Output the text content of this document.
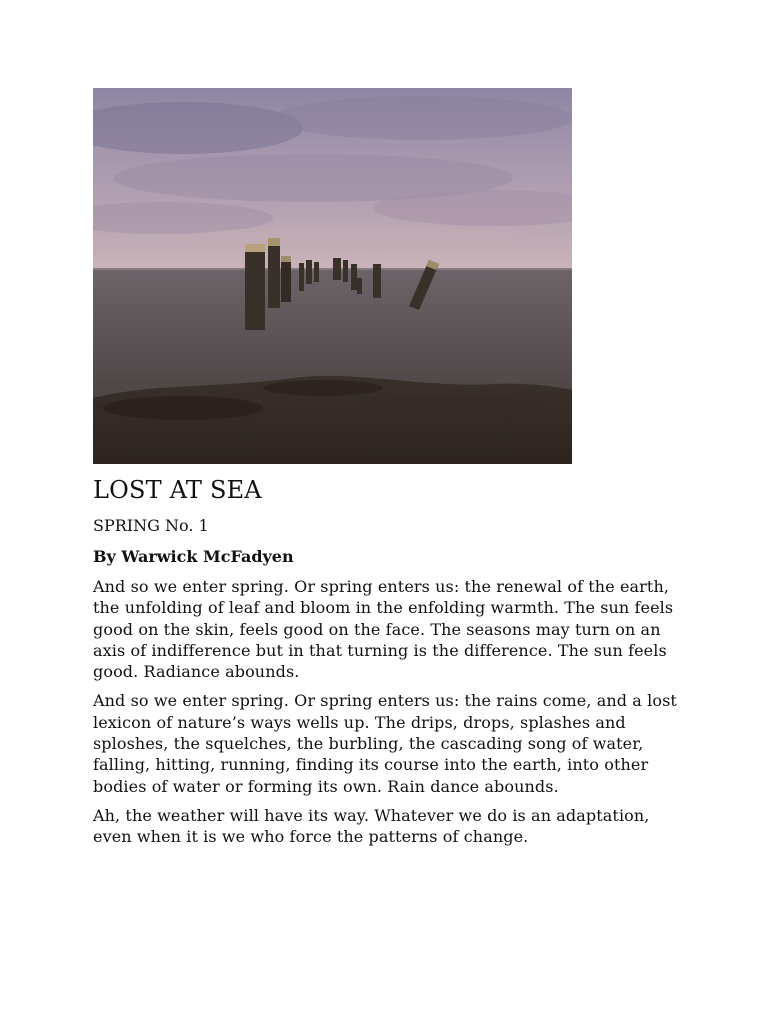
LOST AT SEA

SPRING No. 1

By Warwick McFadyen

And so we enter spring. Or spring enters us: the renewal of the earth, the unfolding of leaf and bloom in the enfolding warmth. The sun feels good on the skin, feels good on the face. The seasons may turn on an axis of indifference but in that turning is the difference. The sun feels good. Radiance abounds.

And so we enter spring. Or spring enters us: the rains come, and a lost lexicon of nature’s ways wells up. The drips, drops, splashes and sploshes, the squelches, the burbling, the cascading song of water, falling, hitting, running, finding its course into the earth, into other bodies of water or forming its own. Rain dance abounds.

Ah, the weather will have its way. Whatever we do is an adaptation, even when it is we who force the patterns of change.
